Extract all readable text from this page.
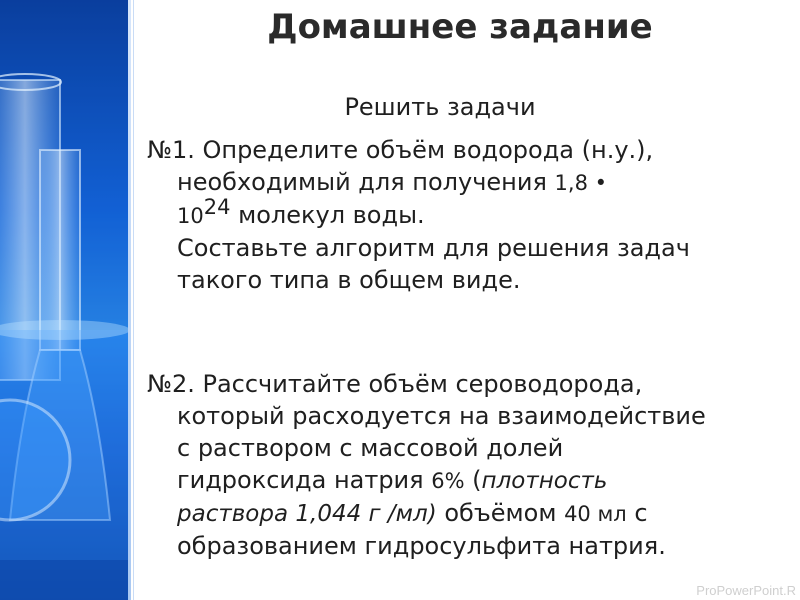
Домашнее задание
Решить задачи
№1. Определите объём водорода (н.у.),
необходимый для получения 1,8 •
$10^{24}$ молекул воды.
Составьте алгоритм для решения задач
такого типа в общем виде.
№2. Рассчитайте объём сероводорода,
который расходуется на взаимодействие
с раствором с массовой долей
гидроксида натрия 6% (плотность
раствора 1,044 г /мл) объёмом 40 мл с
образованием гидросульфита натрия.
ProPowerPoint.R
